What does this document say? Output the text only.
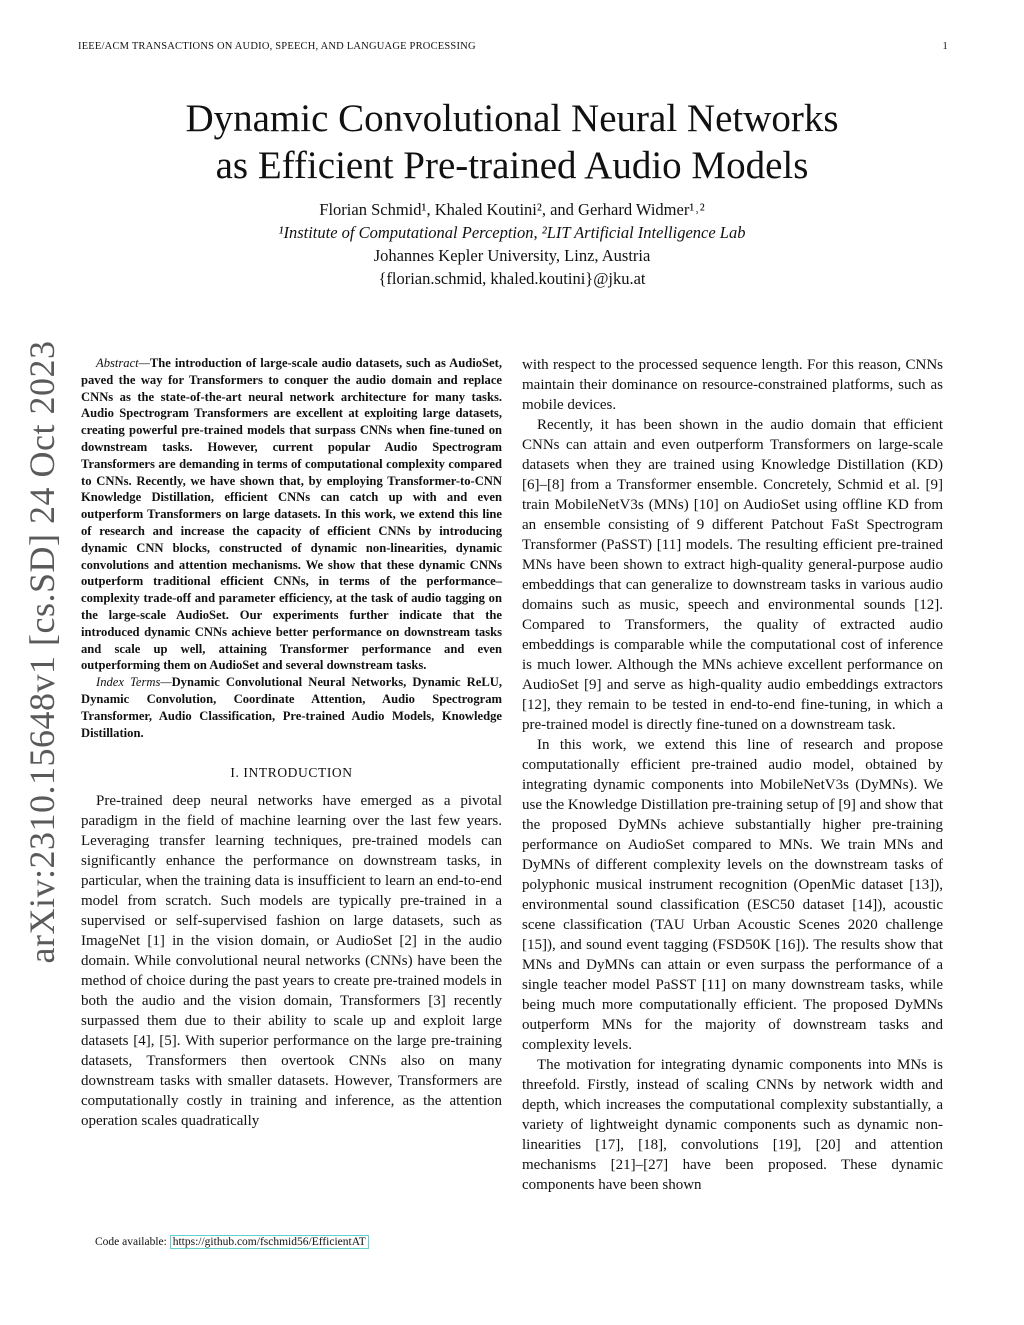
IEEE/ACM TRANSACTIONS ON AUDIO, SPEECH, AND LANGUAGE PROCESSING	1
arXiv:2310.15648v1 [cs.SD] 24 Oct 2023
Dynamic Convolutional Neural Networks
as Efficient Pre-trained Audio Models
Florian Schmid¹, Khaled Koutini², and Gerhard Widmer¹˒²
¹Institute of Computational Perception, ²LIT Artificial Intelligence Lab
Johannes Kepler University, Linz, Austria
{florian.schmid, khaled.koutini}@jku.at

Abstract—The introduction of large-scale audio datasets, such as AudioSet, paved the way for Transformers to conquer the audio domain and replace CNNs as the state-of-the-art neural network architecture for many tasks. Audio Spectrogram Transformers are excellent at exploiting large datasets, creating powerful pre-trained models that surpass CNNs when fine-tuned on downstream tasks. However, current popular Audio Spectrogram Transformers are demanding in terms of computational complexity compared to CNNs. Recently, we have shown that, by employing Transformer-to-CNN Knowledge Distillation, efficient CNNs can catch up with and even outperform Transformers on large datasets. In this work, we extend this line of research and increase the capacity of efficient CNNs by introducing dynamic CNN blocks, constructed of dynamic non-linearities, dynamic convolutions and attention mechanisms. We show that these dynamic CNNs outperform traditional efficient CNNs, in terms of the performance–complexity trade-off and parameter efficiency, at the task of audio tagging on the large-scale AudioSet. Our experiments further indicate that the introduced dynamic CNNs achieve better performance on downstream tasks and scale up well, attaining Transformer performance and even outperforming them on AudioSet and several downstream tasks.

Index Terms—Dynamic Convolutional Neural Networks, Dynamic ReLU, Dynamic Convolution, Coordinate Attention, Audio Spectrogram Transformer, Audio Classification, Pre-trained Audio Models, Knowledge Distillation.

I. INTRODUCTION

Pre-trained deep neural networks have emerged as a pivotal paradigm in the field of machine learning over the last few years. Leveraging transfer learning techniques, pre-trained models can significantly enhance the performance on downstream tasks, in particular, when the training data is insufficient to learn an end-to-end model from scratch. Such models are typically pre-trained in a supervised or self-supervised fashion on large datasets, such as ImageNet [1] in the vision domain, or AudioSet [2] in the audio domain. While convolutional neural networks (CNNs) have been the method of choice during the past years to create pre-trained models in both the audio and the vision domain, Transformers [3] recently surpassed them due to their ability to scale up and exploit large datasets [4], [5]. With superior performance on the large pre-training datasets, Transformers then overtook CNNs also on many downstream tasks with smaller datasets. However, Transformers are computationally costly in training and inference, as the attention operation scales quadratically

with respect to the processed sequence length. For this reason, CNNs maintain their dominance on resource-constrained platforms, such as mobile devices.

Recently, it has been shown in the audio domain that efficient CNNs can attain and even outperform Transformers on large-scale datasets when they are trained using Knowledge Distillation (KD) [6]–[8] from a Transformer ensemble. Concretely, Schmid et al. [9] train MobileNetV3s (MNs) [10] on AudioSet using offline KD from an ensemble consisting of 9 different Patchout FaSt Spectrogram Transformer (PaSST) [11] models. The resulting efficient pre-trained MNs have been shown to extract high-quality general-purpose audio embeddings that can generalize to downstream tasks in various audio domains such as music, speech and environmental sounds [12]. Compared to Transformers, the quality of extracted audio embeddings is comparable while the computational cost of inference is much lower. Although the MNs achieve excellent performance on AudioSet [9] and serve as high-quality audio embeddings extractors [12], they remain to be tested in end-to-end fine-tuning, in which a pre-trained model is directly fine-tuned on a downstream task.

In this work, we extend this line of research and propose computationally efficient pre-trained audio model, obtained by integrating dynamic components into MobileNetV3s (DyMNs). We use the Knowledge Distillation pre-training setup of [9] and show that the proposed DyMNs achieve substantially higher pre-training performance on AudioSet compared to MNs. We train MNs and DyMNs of different complexity levels on the downstream tasks of polyphonic musical instrument recognition (OpenMic dataset [13]), environmental sound classification (ESC50 dataset [14]), acoustic scene classification (TAU Urban Acoustic Scenes 2020 challenge [15]), and sound event tagging (FSD50K [16]). The results show that MNs and DyMNs can attain or even surpass the performance of a single teacher model PaSST [11] on many downstream tasks, while being much more computationally efficient. The proposed DyMNs outperform MNs for the majority of downstream tasks and complexity levels.

The motivation for integrating dynamic components into MNs is threefold. Firstly, instead of scaling CNNs by network width and depth, which increases the computational complexity substantially, a variety of lightweight dynamic components such as dynamic non-linearities [17], [18], convolutions [19], [20] and attention mechanisms [21]–[27] have been proposed. These dynamic components have been shown

Code available: https://github.com/fschmid56/EfficientAT
